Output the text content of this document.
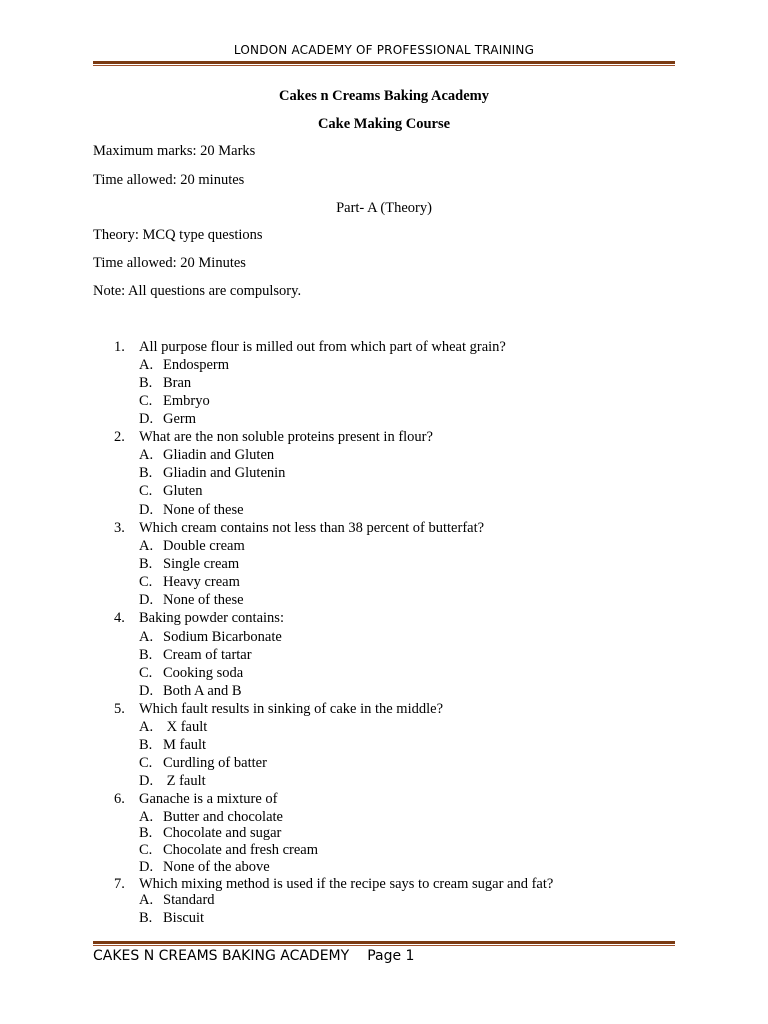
LONDON ACADEMY OF PROFESSIONAL TRAINING
Cakes n Creams Baking Academy
Cake Making Course
Maximum marks: 20 Marks
Time allowed: 20 minutes
Part- A (Theory)
Theory: MCQ type questions
Time allowed: 20 Minutes
Note: All questions are compulsory.
1. All purpose flour is milled out from which part of wheat grain?
A. Endosperm
B. Bran
C. Embryo
D. Germ
2. What are the non soluble proteins present in flour?
A. Gliadin and Gluten
B. Gliadin and Glutenin
C. Gluten
D. None of these
3. Which cream contains not less than 38 percent of butterfat?
A. Double cream
B. Single cream
C. Heavy cream
D. None of these
4. Baking powder contains:
A. Sodium Bicarbonate
B. Cream of tartar
C. Cooking soda
D. Both A and B
5. Which fault results in sinking of cake in the middle?
A. X fault
B. M fault
C. Curdling of batter
D. Z fault
6. Ganache is a mixture of
A. Butter and chocolate
B. Chocolate and sugar
C. Chocolate and fresh cream
D. None of the above
7. Which mixing method is used if the recipe says to cream sugar and fat?
A. Standard
B. Biscuit
CAKES N CREAMS BAKING ACADEMY Page 1
